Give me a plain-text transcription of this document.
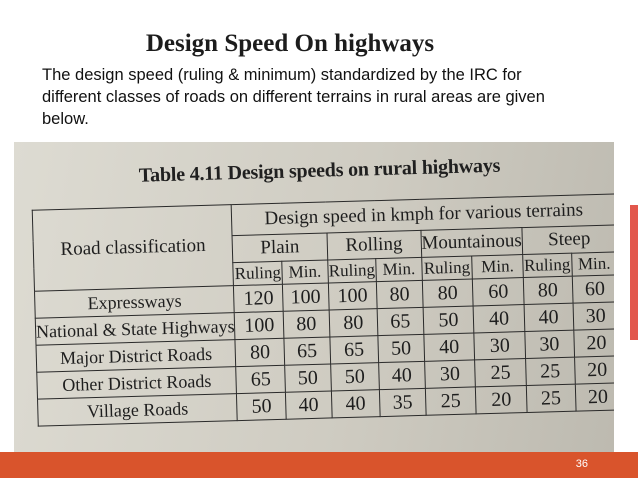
Design Speed On highways
The design speed (ruling & minimum) standardized by the IRC for different classes of roads on different terrains in rural areas are given below.
Table 4.11 Design speeds on rural highways
Road classification	Design speed in kmph for various terrains							
	Plain		Rolling		Mountainous		Steep	
	Ruling	Min.	Ruling	Min.	Ruling	Min.	Ruling	Min.
Expressways	120	100	100	80	80	60	80	60
National & State Highways	100	80	80	65	50	40	40	30
Major District Roads	80	65	65	50	40	30	30	20
Other District Roads	65	50	50	40	30	25	25	20
Village Roads	50	40	40	35	25	20	25	20
36
